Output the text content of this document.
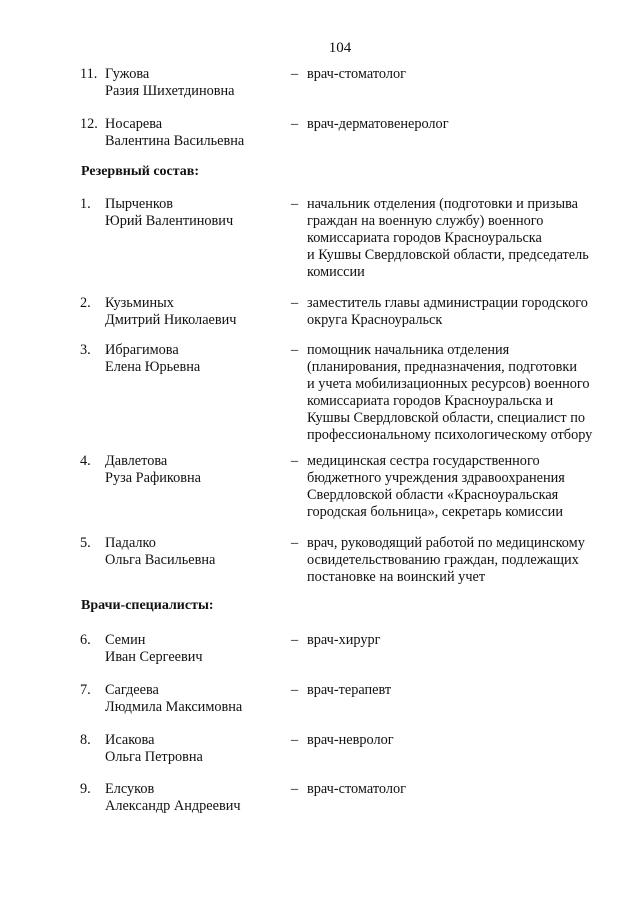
104
11. Гужова
Разия Шихетдиновна
– врач-стоматолог
12. Носарева
Валентина Васильевна
– врач-дерматовенеролог
Резервный состав:
1. Пырченков
Юрий Валентинович
– начальник отделения (подготовки и призыва
граждан на военную службу) военного
комиссариата городов Красноуральска
и Кушвы Свердловской области, председатель
комиссии
2. Кузьминых
Дмитрий Николаевич
– заместитель главы администрации городского
округа Красноуральск
3. Ибрагимова
Елена Юрьевна
– помощник начальника отделения
(планирования, предназначения, подготовки
и учета мобилизационных ресурсов) военного
комиссариата городов Красноуральска и
Кушвы Свердловской области, специалист по
профессиональному психологическому отбору
4. Давлетова
Руза Рафиковна
– медицинская сестра государственного
бюджетного учреждения здравоохранения
Свердловской области «Красноуральская
городская больница», секретарь комиссии
5. Падалко
Ольга Васильевна
– врач, руководящий работой по медицинскому
освидетельствованию граждан, подлежащих
постановке на воинский учет
Врачи-специалисты:
6. Семин
Иван Сергеевич
– врач-хирург
7. Сагдеева
Людмила Максимовна
– врач-терапевт
8. Исакова
Ольга Петровна
– врач-невролог
9. Елсуков
Александр Андреевич
– врач-стоматолог
